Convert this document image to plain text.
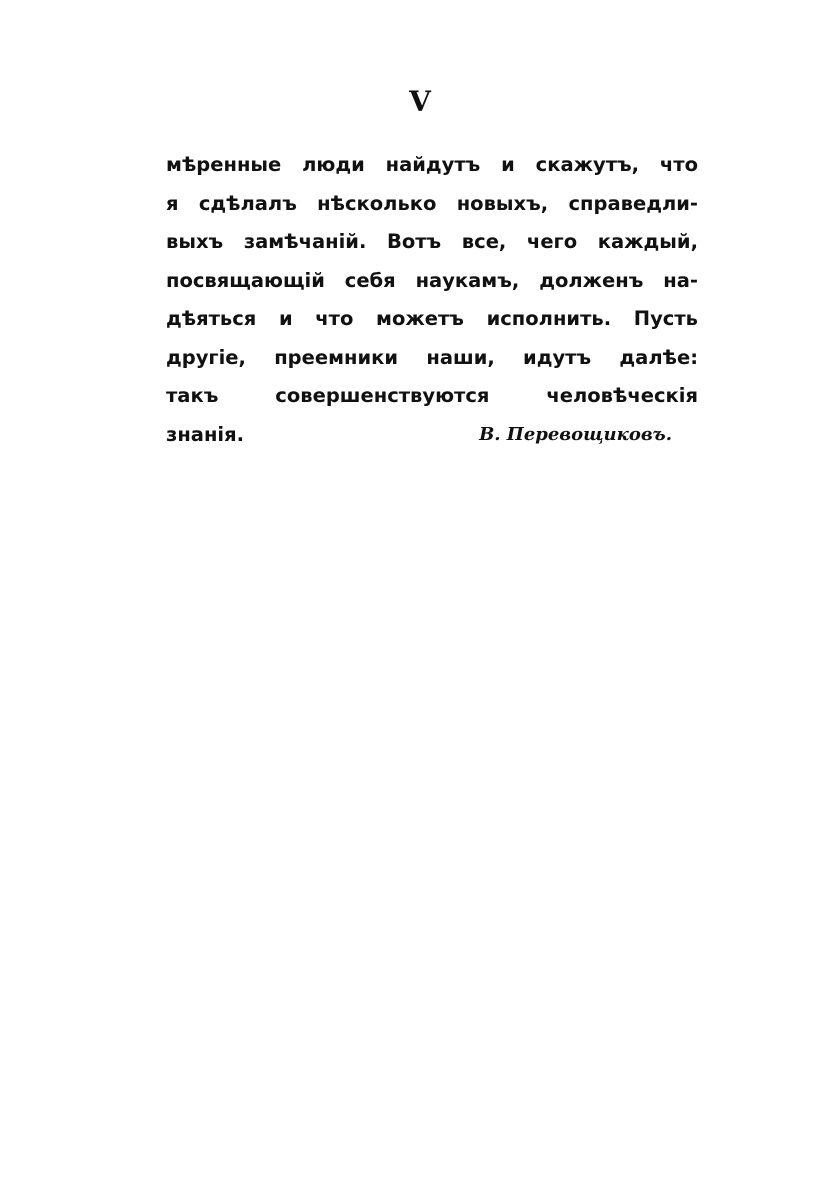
V
мѣренные люди найдутъ и скажутъ, что
я сдѣлалъ нѣсколько новыхъ, справедли-
выхъ замѣчаній. Вотъ все, чего каждый,
посвящающій себя наукамъ, долженъ на-
дѣяться и что можетъ исполнить. Пусть
другіе, преемники наши, идутъ далѣе:
такъ совершенствуются человѣческія
знанія.	В. Перевощиковъ.
